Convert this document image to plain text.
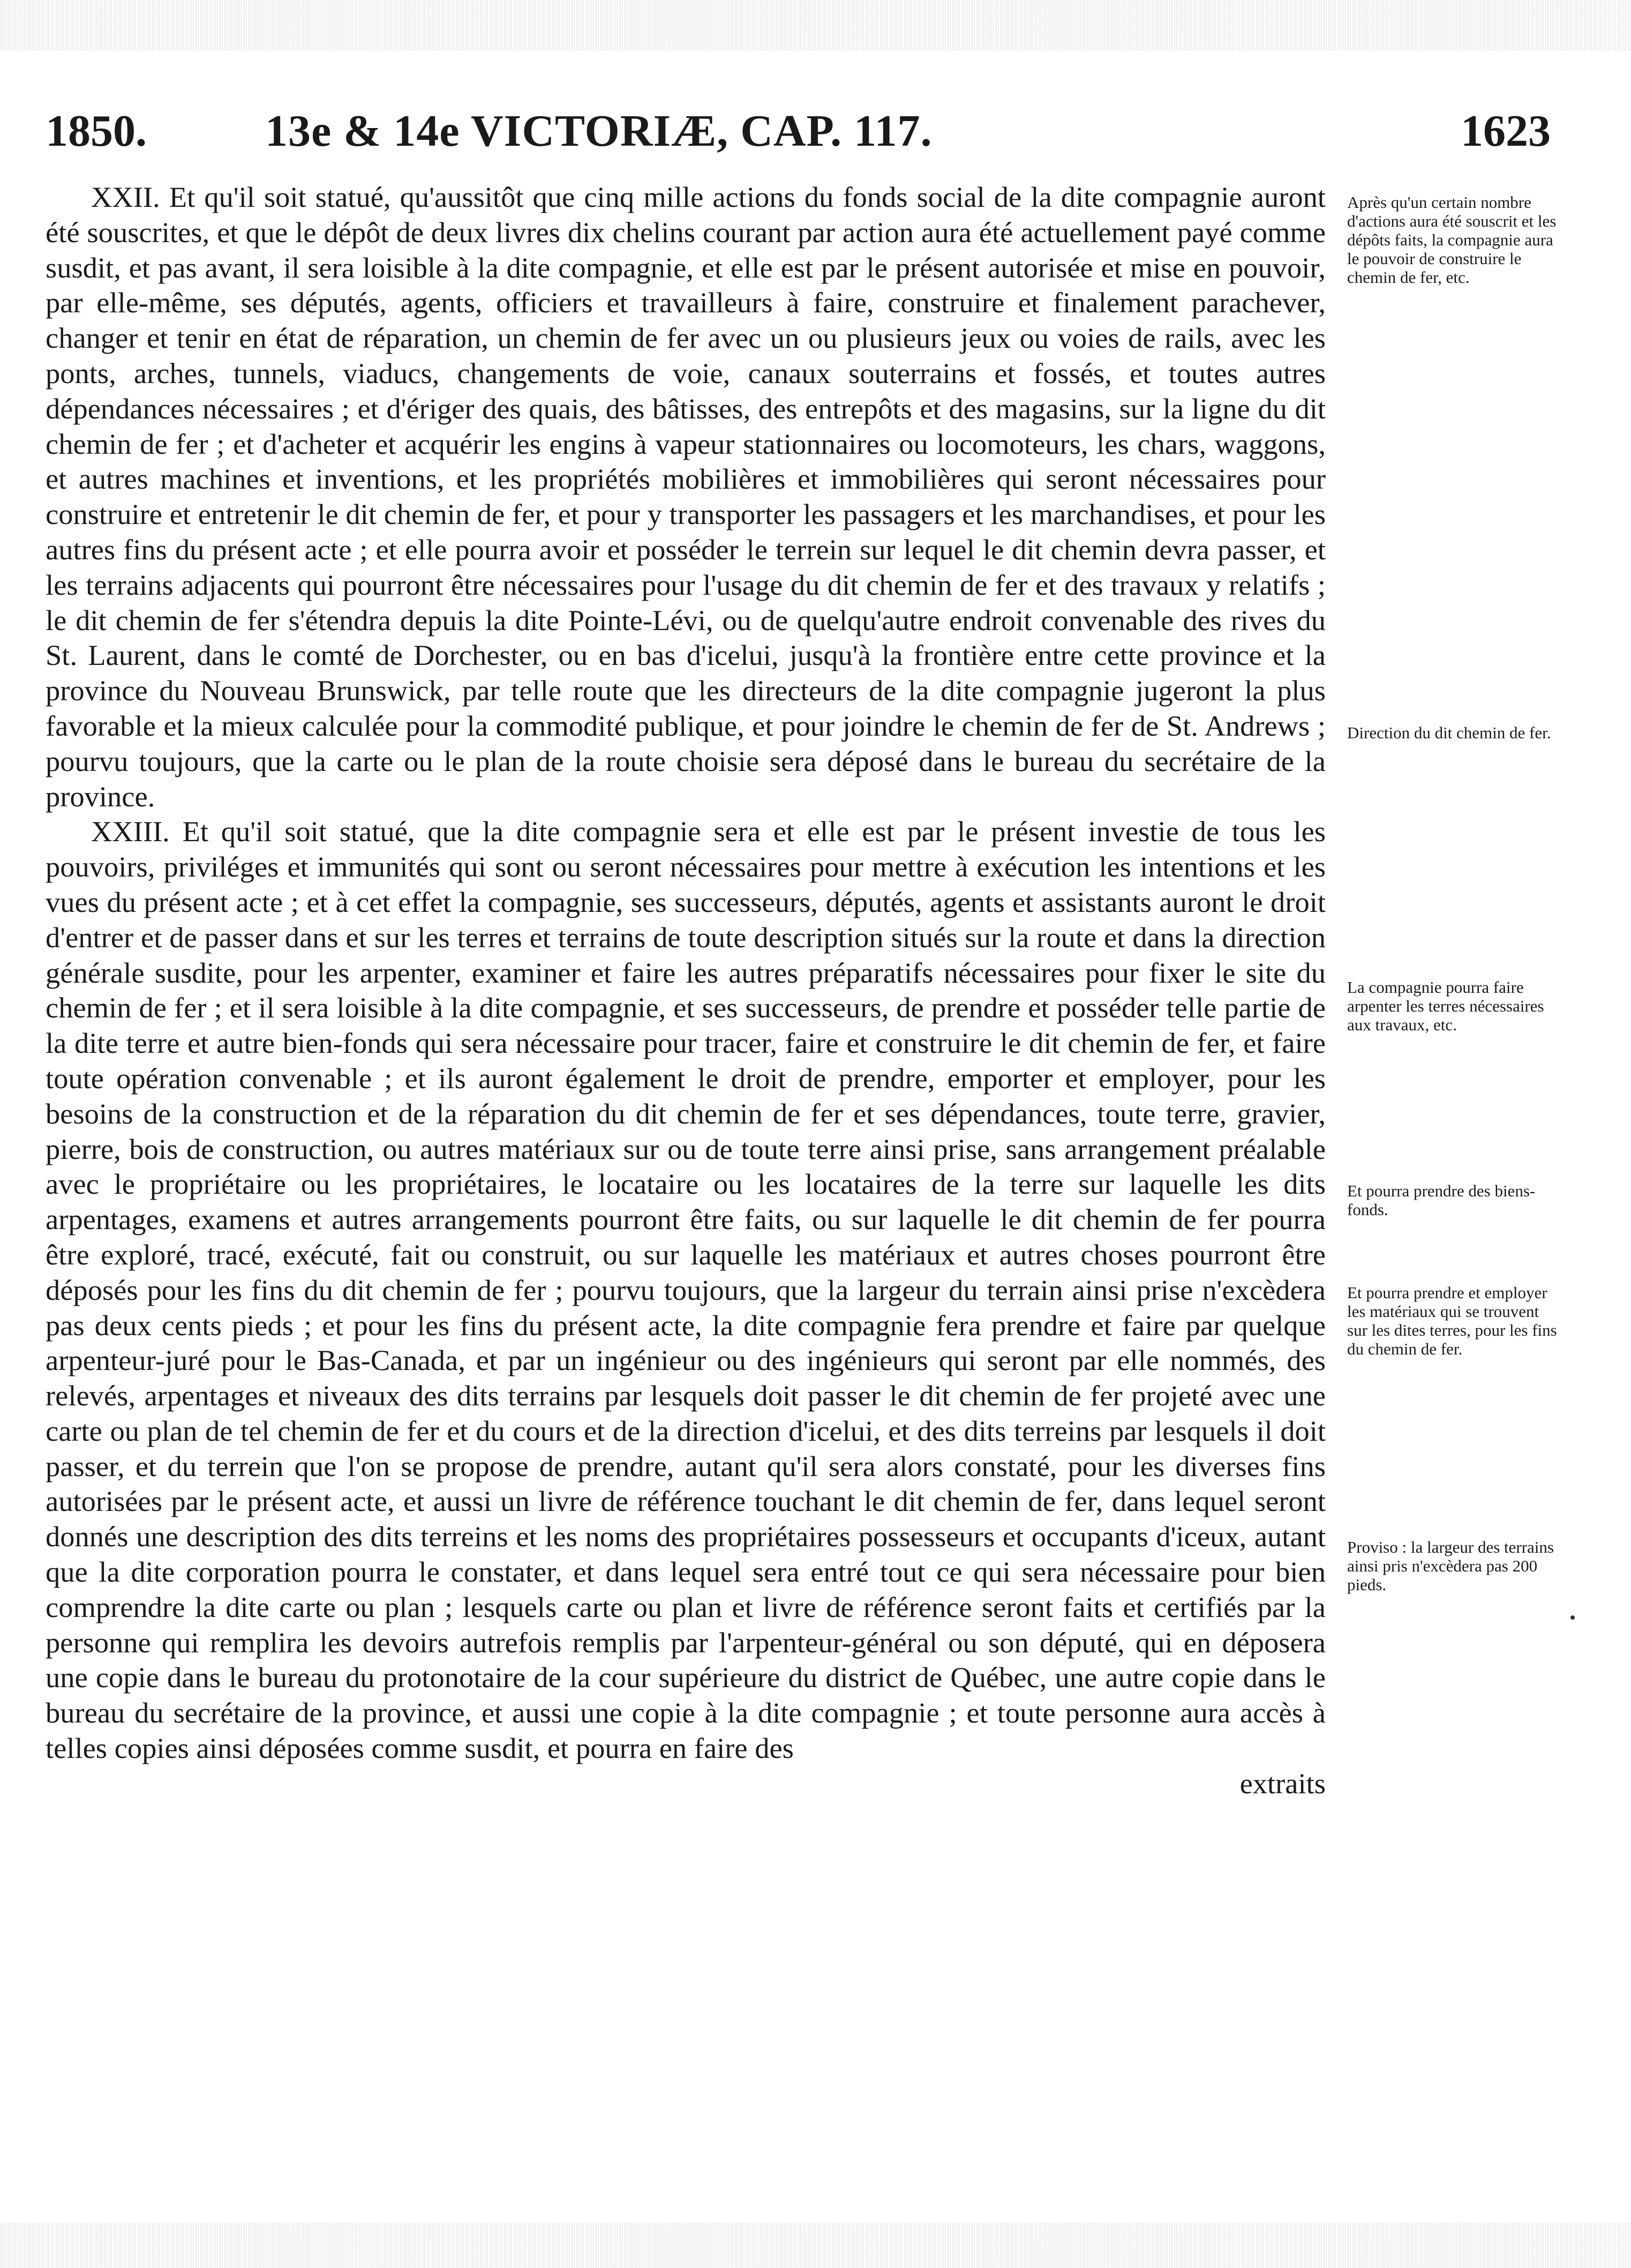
1850.	13e & 14e VICTORIÆ, CAP. 117.	1623

XXII. Et qu'il soit statué, qu'aussitôt que cinq mille actions du fonds social de la dite compagnie auront été souscrites, et que le dépôt de deux livres dix chelins courant par action aura été actuellement payé comme susdit, et pas avant, il sera loisible à la dite compagnie, et elle est par le présent autorisée et mise en pouvoir, par elle-même, ses députés, agents, officiers et travailleurs à faire, construire et finalement parachever, changer et tenir en état de réparation, un chemin de fer avec un ou plusieurs jeux ou voies de rails, avec les ponts, arches, tunnels, viaducs, changements de voie, canaux souterrains et fossés, et toutes autres dépendances nécessaires ; et d'ériger des quais, des bâtisses, des entrepôts et des magasins, sur la ligne du dit chemin de fer ; et d'acheter et acquérir les engins à vapeur stationnaires ou locomoteurs, les chars, waggons, et autres machines et inventions, et les propriétés mobilières et immobilières qui seront nécessaires pour construire et entretenir le dit chemin de fer, et pour y transporter les passagers et les marchandises, et pour les autres fins du présent acte ; et elle pourra avoir et posséder le terrein sur lequel le dit chemin devra passer, et les terrains adjacents qui pourront être nécessaires pour l'usage du dit chemin de fer et des travaux y relatifs ; le dit chemin de fer s'étendra depuis la dite Pointe-Lévi, ou de quelqu'autre endroit convenable des rives du St. Laurent, dans le comté de Dorchester, ou en bas d'icelui, jusqu'à la frontière entre cette province et la province du Nouveau Brunswick, par telle route que les directeurs de la dite compagnie jugeront la plus favorable et la mieux calculée pour la commodité publique, et pour joindre le chemin de fer de St. Andrews ; pourvu toujours, que la carte ou le plan de la route choisie sera déposé dans le bureau du secrétaire de la province.

XXIII. Et qu'il soit statué, que la dite compagnie sera et elle est par le présent investie de tous les pouvoirs, priviléges et immunités qui sont ou seront nécessaires pour mettre à exécution les intentions et les vues du présent acte ; et à cet effet la compagnie, ses successeurs, députés, agents et assistants auront le droit d'entrer et de passer dans et sur les terres et terrains de toute description situés sur la route et dans la direction générale susdite, pour les arpenter, examiner et faire les autres préparatifs nécessaires pour fixer le site du chemin de fer ; et il sera loisible à la dite compagnie, et ses successeurs, de prendre et posséder telle partie de la dite terre et autre bien-fonds qui sera nécessaire pour tracer, faire et construire le dit chemin de fer, et faire toute opération convenable ; et ils auront également le droit de prendre, emporter et employer, pour les besoins de la construction et de la réparation du dit chemin de fer et ses dépendances, toute terre, gravier, pierre, bois de construction, ou autres matériaux sur ou de toute terre ainsi prise, sans arrangement préalable avec le propriétaire ou les propriétaires, le locataire ou les locataires de la terre sur laquelle les dits arpentages, examens et autres arrangements pourront être faits, ou sur laquelle le dit chemin de fer pourra être exploré, tracé, exécuté, fait ou construit, ou sur laquelle les matériaux et autres choses pourront être déposés pour les fins du dit chemin de fer ; pourvu toujours, que la largeur du terrain ainsi prise n'excèdera pas deux cents pieds ; et pour les fins du présent acte, la dite compagnie fera prendre et faire par quelque arpenteur-juré pour le Bas-Canada, et par un ingénieur ou des ingénieurs qui seront par elle nommés, des relevés, arpentages et niveaux des dits terrains par lesquels doit passer le dit chemin de fer projeté avec une carte ou plan de tel chemin de fer et du cours et de la direction d'icelui, et des dits terreins par lesquels il doit passer, et du terrein que l'on se propose de prendre, autant qu'il sera alors constaté, pour les diverses fins autorisées par le présent acte, et aussi un livre de référence touchant le dit chemin de fer, dans lequel seront donnés une description des dits terreins et les noms des propriétaires possesseurs et occupants d'iceux, autant que la dite corporation pourra le constater, et dans lequel sera entré tout ce qui sera nécessaire pour bien comprendre la dite carte ou plan ; lesquels carte ou plan et livre de référence seront faits et certifiés par la personne qui remplira les devoirs autrefois remplis par l'arpenteur-général ou son député, qui en déposera une copie dans le bureau du protonotaire de la cour supérieure du district de Québec, une autre copie dans le bureau du secrétaire de la province, et aussi une copie à la dite compagnie ; et toute personne aura accès à telles copies ainsi déposées comme susdit, et pourra en faire des

extraits

Après qu'un certain nombre d'actions aura été souscrit et les dépôts faits, la compagnie aura le pouvoir de construire le chemin de fer, etc.
Direction du dit chemin de fer.
La compagnie pourra faire arpenter les terres nécessaires aux travaux, etc.
Et pourra prendre des biens-fonds.
Et pourra prendre et employer les matériaux qui se trouvent sur les dites terres, pour les fins du chemin de fer.
Proviso : la largeur des terrains ainsi pris n'excèdera pas 200 pieds.
